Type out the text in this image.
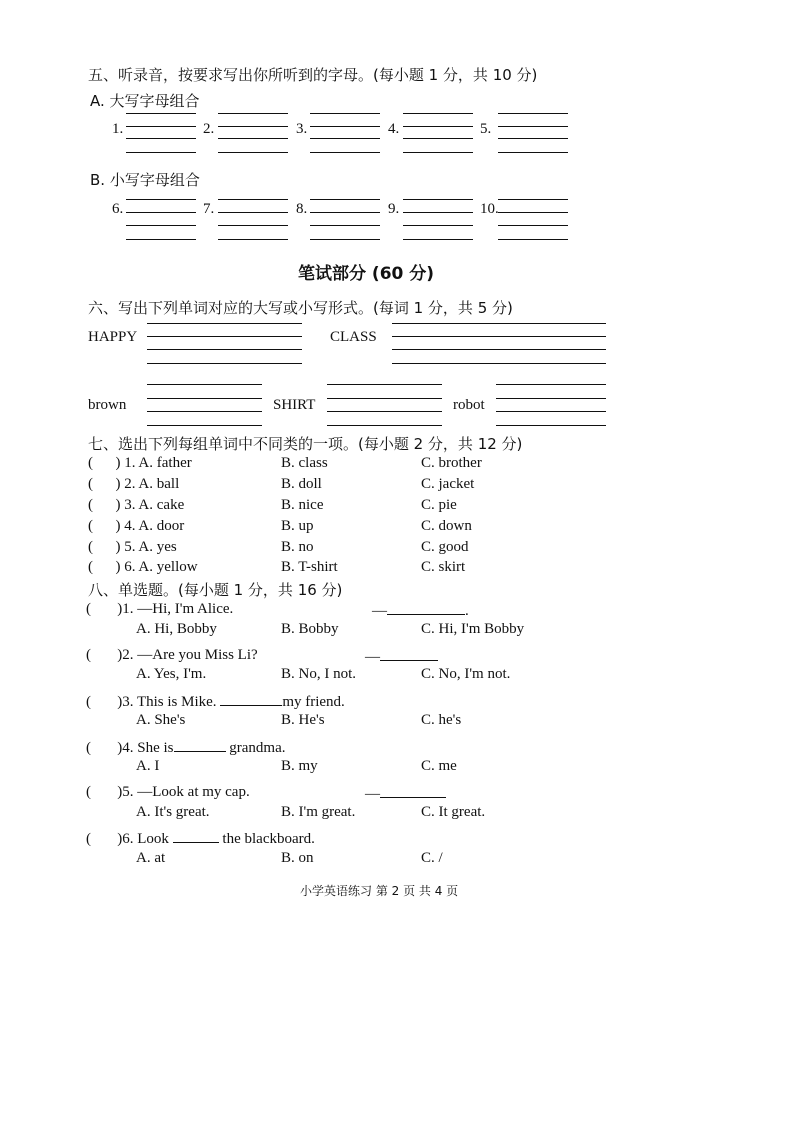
五、听录音，按要求写出你所听到的字母。(每小题 1 分，共 10 分)
A. 大写字母组合
1.	2.	3.	4.	5.
B. 小写字母组合
6.	7.	8.	9.	10.
笔试部分 (60 分)
六、写出下列单词对应的大写或小写形式。(每词 1 分，共 5 分)
HAPPY	CLASS
brown	SHIRT	robot
七、选出下列每组单词中不同类的一项。(每小题 2 分，共 12 分)
(      ) 1. A. father	B. class	C. brother
(      ) 2. A. ball	B. doll	C. jacket
(      ) 3. A. cake	B. nice	C. pie
(      ) 4. A. door	B. up	C. down
(      ) 5. A. yes	B. no	C. good
(      ) 6. A. yellow	B. T-shirt	C. skirt
八、单选题。(每小题 1 分，共 16 分)
(       )1. —Hi, I'm Alice.	—	.
A. Hi, Bobby	B. Bobby	C. Hi, I'm Bobby
(       )2. —Are you Miss Li?	—
A. Yes, I'm.	B. No, I not.	C. No, I'm not.
(       )3. This is Mike.	my friend.
A. She's	B. He's	C. he's
(       )4. She is	grandma.
A. I	B. my	C. me
(       )5. —Look at my cap.	—
A. It's great.	B. I'm great.	C. It great.
(       )6. Look	the blackboard.
A. at	B. on	C. /
小学英语练习 第 2 页 共 4 页
